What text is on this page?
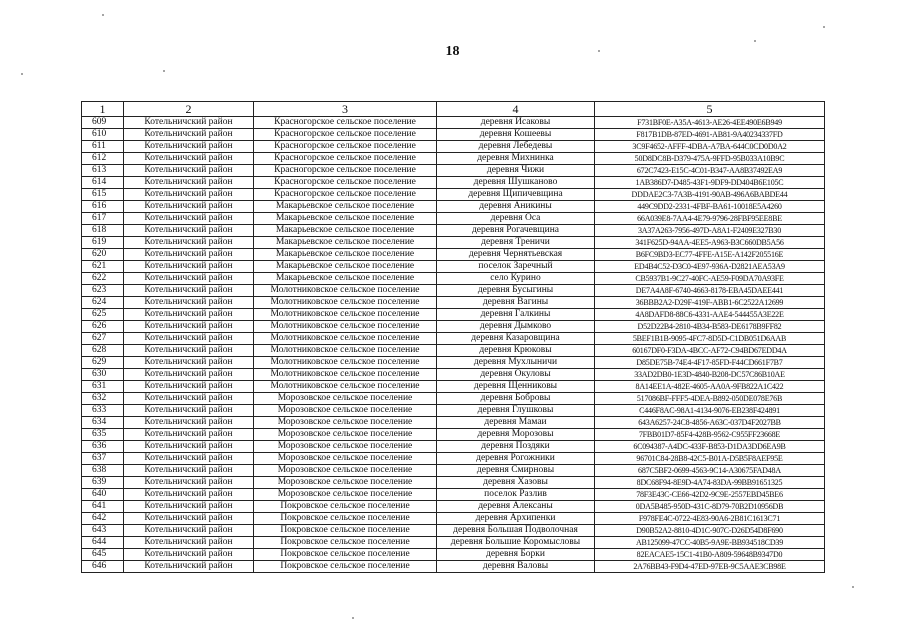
18
1	2	3	4	5
609	Котельничский район	Красногорское сельское поселение	деревня Исаковы	F731BF0E-A35A-4613-AE26-4EE490E6B949
610	Котельничский район	Красногорское сельское поселение	деревня Кошеевы	F817B1DB-87ED-4691-AB81-9A40234337FD
611	Котельничский район	Красногорское сельское поселение	деревня Лебедевы	3C9F4652-AFFF-4DBA-A7BA-644C0CD0D0A2
612	Котельничский район	Красногорское сельское поселение	деревня Михнинка	50D8DC8B-D379-475A-9FFD-95B033A10B9C
613	Котельничский район	Красногорское сельское поселение	деревня Чижи	672C7423-E15C-4C01-B347-AA8B37492EA9
614	Котельничский район	Красногорское сельское поселение	деревня Шушканово	1AB386D7-D485-43F1-9DF9-DD404B6E105C
615	Котельничский район	Красногорское сельское поселение	деревня Щипичевщина	DDDAE2C3-7A3B-4191-90AB-496A6BABDE44
616	Котельничский район	Макарьевское сельское поселение	деревня Аникины	449C9DD2-2331-4FBF-BA61-10018E5A4260
617	Котельничский район	Макарьевское сельское поселение	деревня Оса	66A039E8-7AA4-4E79-9796-28FBF95EE8BE
618	Котельничский район	Макарьевское сельское поселение	деревня Рогачевщина	3A37A263-7956-497D-A8A1-F2409E327B30
619	Котельничский район	Макарьевское сельское поселение	деревня Треничи	341F625D-94AA-4EE5-A963-B3C660DB5A56
620	Котельничский район	Макарьевское сельское поселение	деревня Чернятьевская	B6FC9BD3-EC77-4FFE-A15E-A142F205516E
621	Котельничский район	Макарьевское сельское поселение	поселок Заречный	ED4B4C52-D3C0-4E97-936A-D2821AEA53A9
622	Котельничский район	Макарьевское сельское поселение	село Курино	CB5937B1-9C27-40FC-AE59-F09DA70A93FE
623	Котельничский район	Молотниковское сельское поселение	деревня Бусыгины	DE7A4A8F-6740-4663-8178-EBA45DAEE441
624	Котельничский район	Молотниковское сельское поселение	деревня Вагины	36BBB2A2-D29F-419F-ABB1-6C2522A12699
625	Котельничский район	Молотниковское сельское поселение	деревня Галкины	4A8DAFD8-88C6-4331-AAE4-544455A3E22E
626	Котельничский район	Молотниковское сельское поселение	деревня Дымково	D52D22B4-2810-4B34-B583-DE6178B9FF82
627	Котельничский район	Молотниковское сельское поселение	деревня Казаровщина	5BEF1B1B-9095-4FC7-8D5D-C1DB051D6AAB
628	Котельничский район	Молотниковское сельское поселение	деревня Крюковы	60167DF0-F3DA-4BCC-AF72-C94BD67EDD4A
629	Котельничский район	Молотниковское сельское поселение	деревня Мухлыничи	D85DE75B-74E4-4F17-85FD-F44CD661F7B7
630	Котельничский район	Молотниковское сельское поселение	деревня Окуловы	33AD2DB0-1E3D-4840-B208-DC57C86B10AE
631	Котельничский район	Молотниковское сельское поселение	деревня Щенниковы	8A14EE1A-482E-4605-AA0A-9FB822A1C422
632	Котельничский район	Морозовское сельское поселение	деревня Бобровы	517086BF-FFF5-4DEA-B892-050DE078E76B
633	Котельничский район	Морозовское сельское поселение	деревня Глушковы	C446F8AC-98A1-4134-9076-EB238F424891
634	Котельничский район	Морозовское сельское поселение	деревня Мамаи	643A6257-24C8-4856-A63C-037D4F2027BB
635	Котельничский район	Морозовское сельское поселение	деревня Морозовы	7FBB01D7-85F4-428B-9562-C955FF23668E
636	Котельничский район	Морозовское сельское поселение	деревня Поздяки	6C094387-A4DC-433F-B853-D1DA3DD6EA9B
637	Котельничский район	Морозовское сельское поселение	деревня Рогожники	96701C84-28B8-42C5-B01A-D5B5F8AEF95E
638	Котельничский район	Морозовское сельское поселение	деревня Смирновы	687C5BF2-0699-4563-9C14-A30675FAD48A
639	Котельничский район	Морозовское сельское поселение	деревня Хазовы	8DC68F94-8E9D-4A74-83DA-99BB91651325
640	Котельничский район	Морозовское сельское поселение	поселок Разлив	78F3E43C-CE66-42D2-9C9E-2557EBD45BE6
641	Котельничский район	Покровское сельское поселение	деревня Алексаны	0DA5B485-950D-431C-8D79-70B2D10956DB
642	Котельничский район	Покровское сельское поселение	деревня Архипенки	F978FE4C-0722-4E83-90A6-2B81C1613C71
643	Котельничский район	Покровское сельское поселение	деревня Большая Подволочная	D90B52A2-8810-4D1C-907C-D26D54D8F690
644	Котельничский район	Покровское сельское поселение	деревня Большие Коромысловы	AB125099-47CC-40B5-9A9E-BB934518CD39
645	Котельничский район	Покровское сельское поселение	деревня Борки	82EACAE5-15C1-41B0-A809-59648B9347D0
646	Котельничский район	Покровское сельское поселение	деревня Валовы	2A76BB43-F9D4-47ED-97EB-9C5AAE3CB98E
